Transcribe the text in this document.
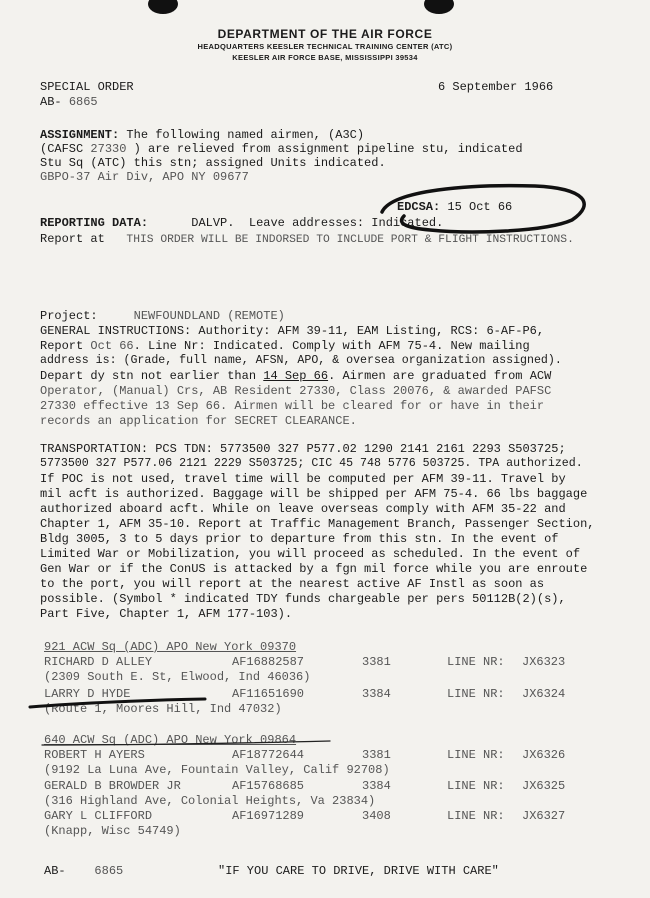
DEPARTMENT OF THE AIR FORCE
HEADQUARTERS KEESLER TECHNICAL TRAINING CENTER (ATC)
KEESLER AIR FORCE BASE, MISSISSIPPI 39534
SPECIAL ORDER	6 September 1966
AB- 6865
ASSIGNMENT: The following named airmen, (A3C)
(CAFSC 27330 ) are relieved from assignment pipeline stu, indicated
Stu Sq (ATC) this stn; assigned Units indicated.
GBPO-37 Air Div, APO NY 09677
EDCSA: 15 Oct 66
REPORTING DATA:	DALVP. Leave addresses: Indicated.
Report at THIS ORDER WILL BE INDORSED TO INCLUDE PORT & FLIGHT INSTRUCTIONS.
Project:	NEWFOUNDLAND (REMOTE)
GENERAL INSTRUCTIONS: Authority: AFM 39-11, EAM Listing, RCS: 6-AF-P6,
Report Oct 66. Line Nr: Indicated. Comply with AFM 75-4. New mailing
address is: (Grade, full name, AFSN, APO, & oversea organization assigned).
Depart dy stn not earlier than 14 Sep 66. Airmen are graduated from ACW
Operator, (Manual) Crs, AB Resident 27330, Class 20076, & awarded PAFSC
27330 effective 13 Sep 66. Airmen will be cleared for or have in their
records an application for SECRET CLEARANCE.
TRANSPORTATION: PCS TDN: 5773500 327 P577.02 1290 2141 2161 2293 S503725;
5773500 327 P577.06 2121 2229 S503725; CIC 45 748 5776 503725. TPA authorized.
If POC is not used, travel time will be computed per AFM 39-11. Travel by
mil acft is authorized. Baggage will be shipped per AFM 75-4. 66 lbs baggage
authorized aboard acft. While on leave overseas comply with AFM 35-22 and
Chapter 1, AFM 35-10. Report at Traffic Management Branch, Passenger Section,
Bldg 3005, 3 to 5 days prior to departure from this stn. In the event of
Limited War or Mobilization, you will proceed as scheduled. In the event of
Gen War or if the ConUS is attacked by a fgn mil force while you are enroute
to the port, you will report at the nearest active AF Instl as soon as
possible. (Symbol * indicated TDY funds chargeable per pers 50112B(2)(s),
Part Five, Chapter 1, AFM 177-103).
921 ACW Sq (ADC) APO New York 09370
RICHARD D ALLEY	AF16882587	3381	LINE NR: JX6323
(2309 South E. St, Elwood, Ind 46036)
LARRY D HYDE	AF11651690	3384	LINE NR: JX6324
(Route 1, Moores Hill, Ind 47032)
640 ACW Sq (ADC) APO New York 09864
ROBERT H AYERS	AF18772644	3381	LINE NR: JX6326
(9192 La Luna Ave, Fountain Valley, Calif 92708)
GERALD B BROWDER JR	AF15768685	3384	LINE NR: JX6325
(316 Highland Ave, Colonial Heights, Va 23834)
GARY L CLIFFORD	AF16971289	3408	LINE NR: JX6327
(Knapp, Wisc 54749)
AB- 6865	"IF YOU CARE TO DRIVE, DRIVE WITH CARE"
